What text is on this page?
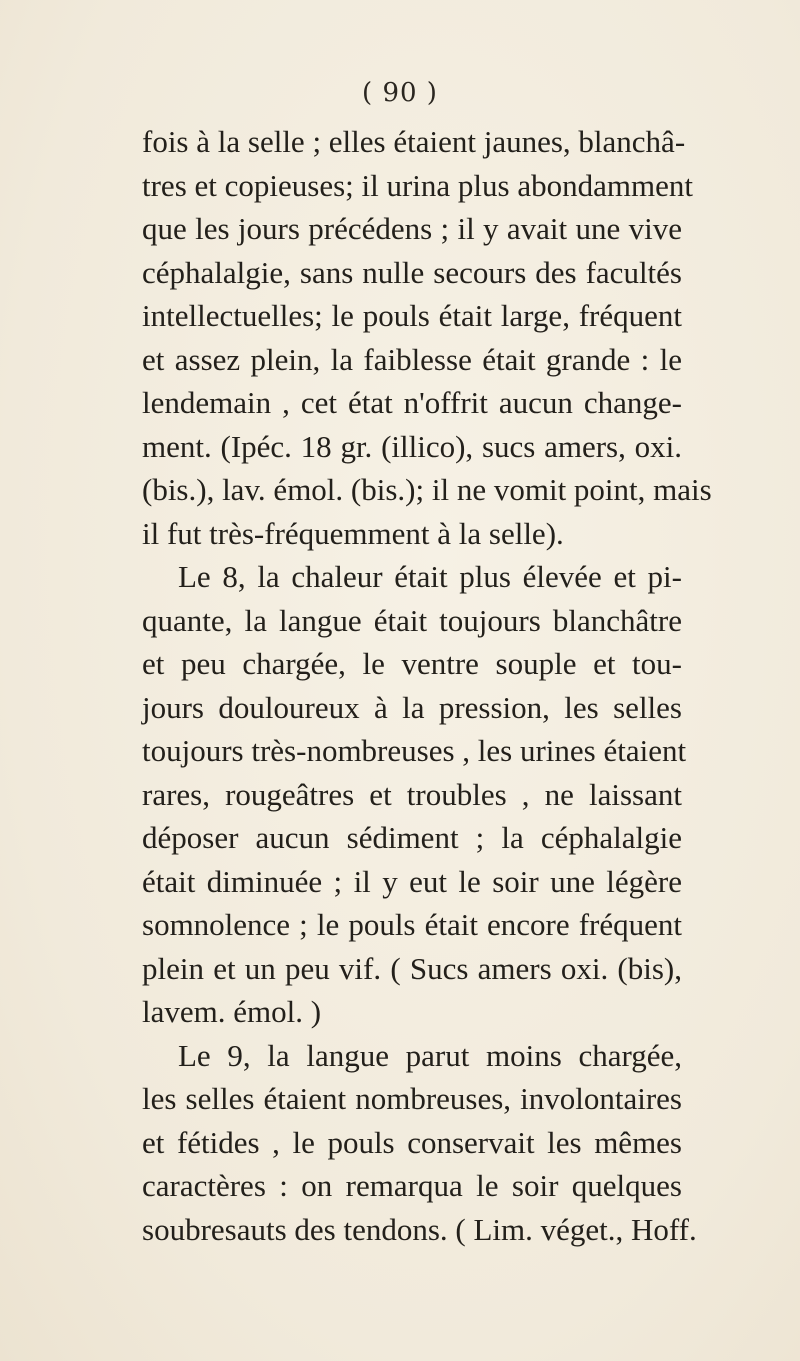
( 90 )
fois à la selle ; elles étaient jaunes, blanchâ-
tres et copieuses; il urina plus abondamment
que les jours précédens ; il y avait une vive
céphalalgie, sans nulle secours des facultés
intellectuelles; le pouls était large, fréquent
et assez plein, la faiblesse était grande : le
lendemain , cet état n'offrit aucun change-
ment. (Ipéc. 18 gr. (illico), sucs amers, oxi.
(bis.), lav. émol. (bis.); il ne vomit point, mais
il fut très-fréquemment à la selle).
Le 8, la chaleur était plus élevée et pi-
quante, la langue était toujours blanchâtre
et peu chargée, le ventre souple et tou-
jours douloureux à la pression, les selles
toujours très-nombreuses , les urines étaient
rares, rougeâtres et troubles , ne laissant
déposer aucun sédiment ; la céphalalgie
était diminuée ; il y eut le soir une légère
somnolence ; le pouls était encore fréquent
plein et un peu vif. ( Sucs amers oxi. (bis),
lavem. émol. )
Le 9, la langue parut moins chargée,
les selles étaient nombreuses, involontaires
et fétides , le pouls conservait les mêmes
caractères : on remarqua le soir quelques
soubresauts des tendons. ( Lim. véget., Hoff.
